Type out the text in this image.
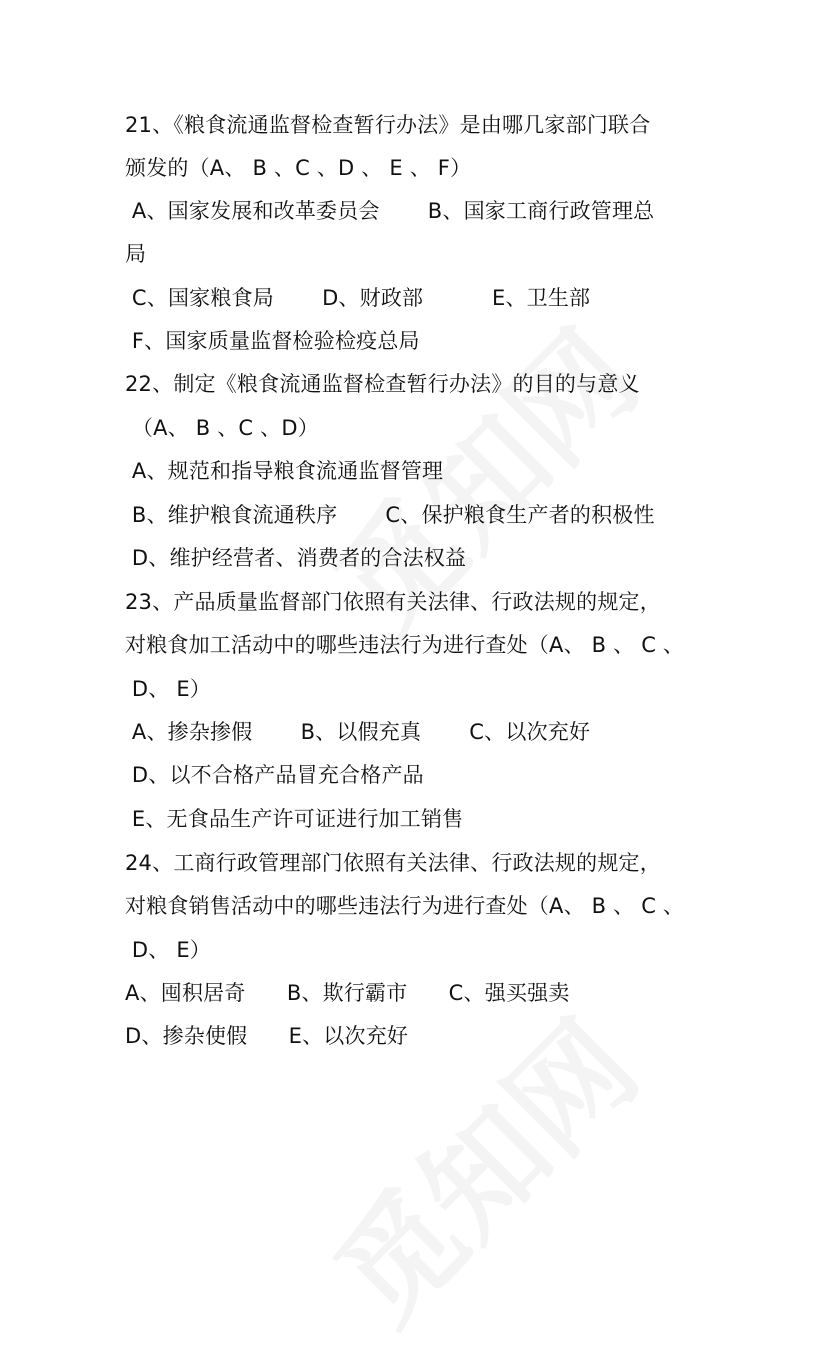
21、《粮食流通监督检查暂行办法》是由哪几家部门联合
颁发的（A、 B 、C 、D 、 E 、 F）
A、国家发展和改革委员会       B、国家工商行政管理总
局
C、国家粮食局       D、财政部          E、卫生部
F、国家质量监督检验检疫总局
22、制定《粮食流通监督检查暂行办法》的目的与意义
（A、 B 、C 、D）
A、规范和指导粮食流通监督管理
B、维护粮食流通秩序       C、保护粮食生产者的积极性
D、维护经营者、消费者的合法权益
23、产品质量监督部门依照有关法律、行政法规的规定，
对粮食加工活动中的哪些违法行为进行查处（A、 B 、 C 、
D、 E）
A、掺杂掺假       B、以假充真       C、以次充好
D、以不合格产品冒充合格产品
E、无食品生产许可证进行加工销售
24、工商行政管理部门依照有关法律、行政法规的规定，
对粮食销售活动中的哪些违法行为进行查处（A、 B 、 C 、
D、 E）
A、囤积居奇      B、欺行霸市      C、强买强卖
D、掺杂使假      E、以次充好
